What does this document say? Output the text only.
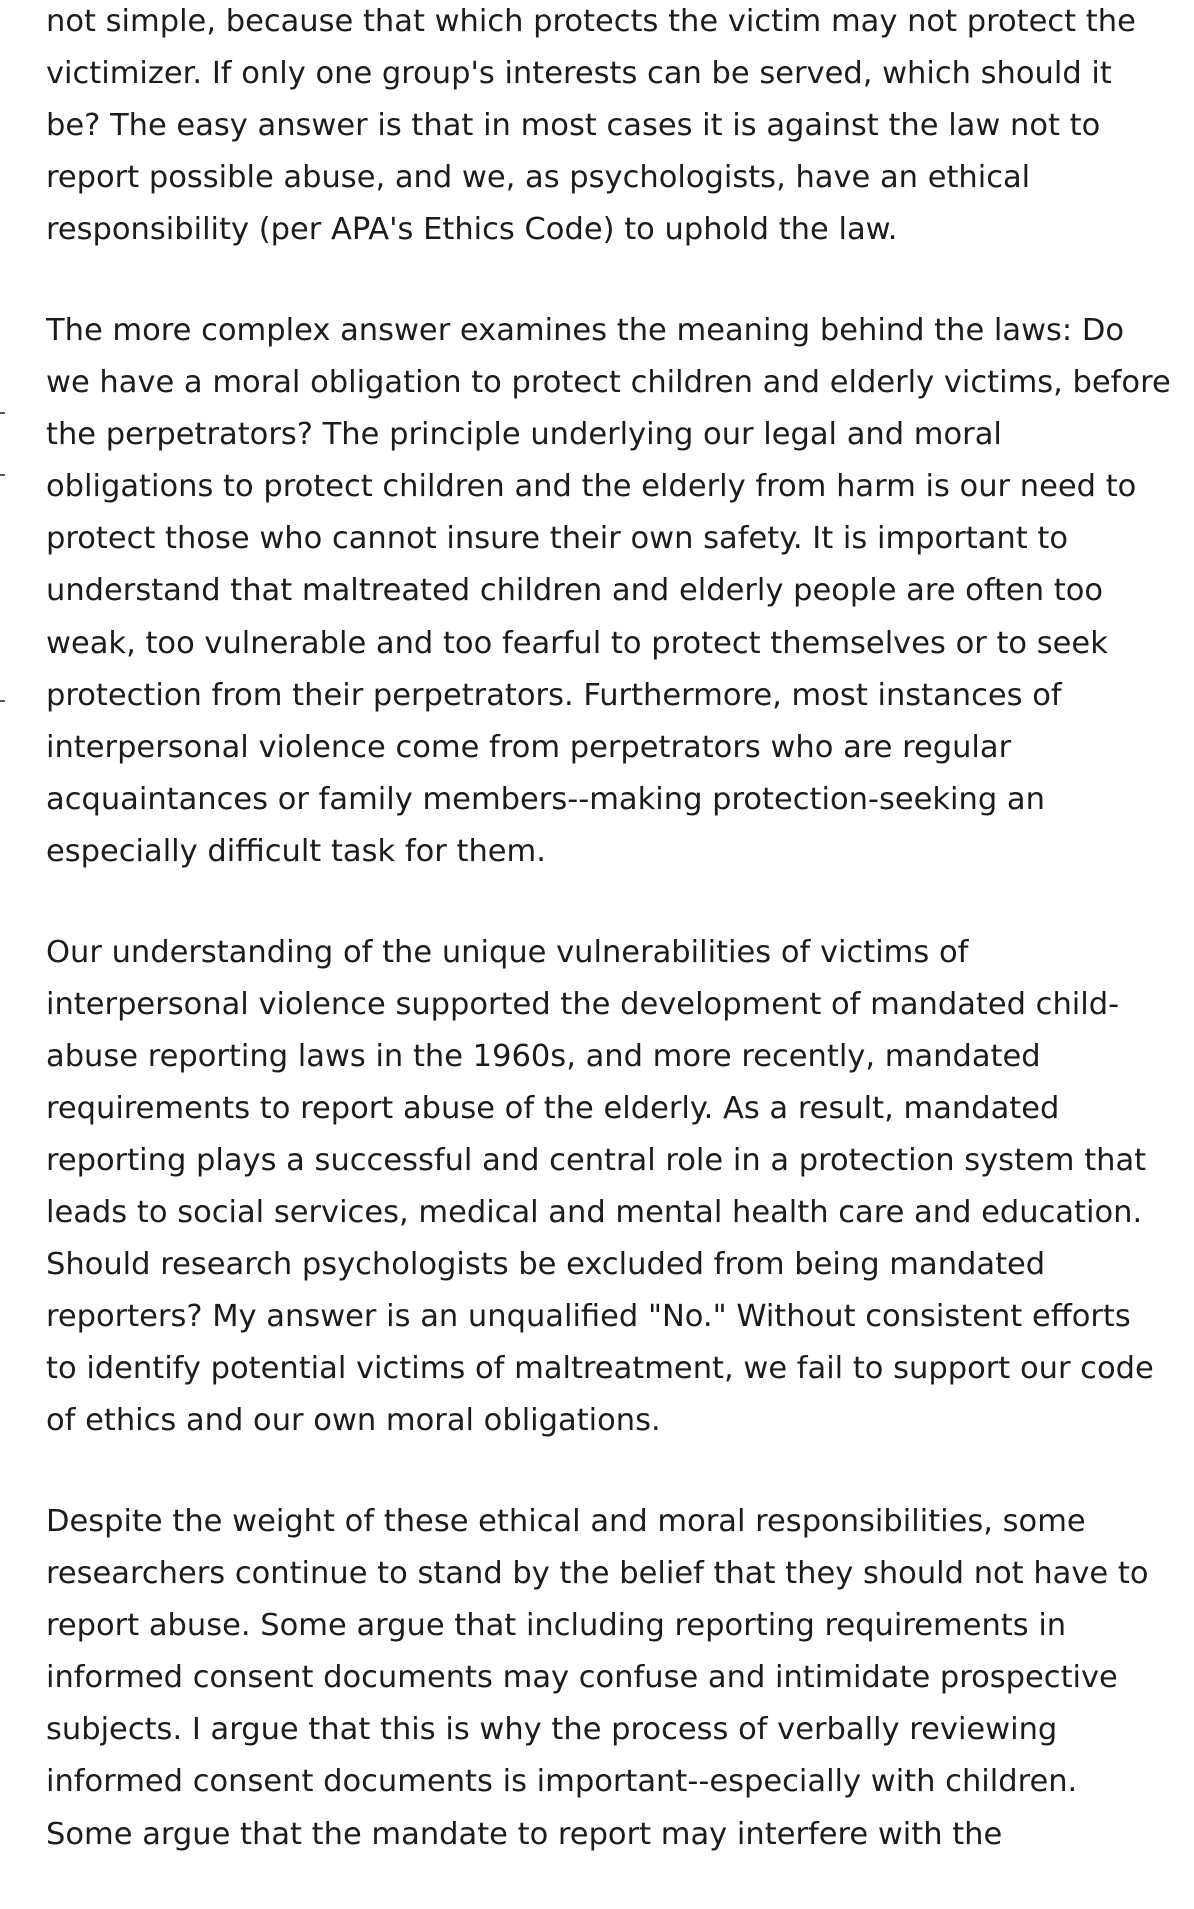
not simple, because that which protects the victim may not protect the
victimizer. If only one group's interests can be served, which should it
be? The easy answer is that in most cases it is against the law not to
report possible abuse, and we, as psychologists, have an ethical
responsibility (per APA's Ethics Code) to uphold the law.

The more complex answer examines the meaning behind the laws: Do
we have a moral obligation to protect children and elderly victims, before
the perpetrators? The principle underlying our legal and moral
obligations to protect children and the elderly from harm is our need to
protect those who cannot insure their own safety. It is important to
understand that maltreated children and elderly people are often too
weak, too vulnerable and too fearful to protect themselves or to seek
protection from their perpetrators. Furthermore, most instances of
interpersonal violence come from perpetrators who are regular
acquaintances or family members--making protection-seeking an
especially difficult task for them.

Our understanding of the unique vulnerabilities of victims of
interpersonal violence supported the development of mandated child-
abuse reporting laws in the 1960s, and more recently, mandated
requirements to report abuse of the elderly. As a result, mandated
reporting plays a successful and central role in a protection system that
leads to social services, medical and mental health care and education.
Should research psychologists be excluded from being mandated
reporters? My answer is an unqualified "No." Without consistent efforts
to identify potential victims of maltreatment, we fail to support our code
of ethics and our own moral obligations.

Despite the weight of these ethical and moral responsibilities, some
researchers continue to stand by the belief that they should not have to
report abuse. Some argue that including reporting requirements in
informed consent documents may confuse and intimidate prospective
subjects. I argue that this is why the process of verbally reviewing
informed consent documents is important--especially with children.
Some argue that the mandate to report may interfere with the
